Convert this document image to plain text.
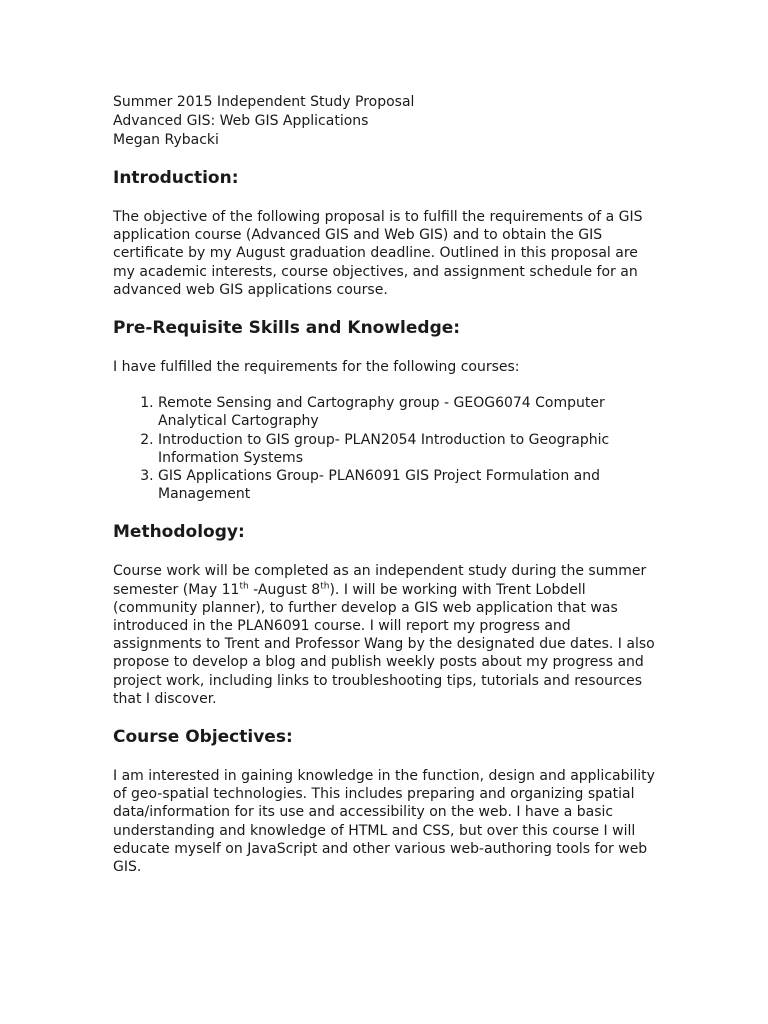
Summer 2015 Independent Study Proposal

Advanced GIS: Web GIS Applications

Megan Rybacki

Introduction:

The objective of the following proposal is to fulfill the requirements of a GIS application course (Advanced GIS and Web GIS) and to obtain the GIS certificate by my August graduation deadline. Outlined in this proposal are my academic interests, course objectives, and assignment schedule for an advanced web GIS applications course.

Pre-Requisite Skills and Knowledge:

I have fulfilled the requirements for the following courses:

1. Remote Sensing and Cartography group - GEOG6074 Computer Analytical Cartography
2. Introduction to GIS group- PLAN2054 Introduction to Geographic Information Systems
3. GIS Applications Group- PLAN6091 GIS Project Formulation and Management
Methodology:

Course work will be completed as an independent study during the summer semester (May 11th -August 8th). I will be working with Trent Lobdell (community planner), to further develop a GIS web application that was introduced in the PLAN6091 course. I will report my progress and assignments to Trent and Professor Wang by the designated due dates. I also propose to develop a blog and publish weekly posts about my progress and project work, including links to troubleshooting tips, tutorials and resources that I discover.

Course Objectives:

I am interested in gaining knowledge in the function, design and applicability of geo-spatial technologies. This includes preparing and organizing spatial data/information for its use and accessibility on the web. I have a basic understanding and knowledge of HTML and CSS, but over this course I will educate myself on JavaScript and other various web-authoring tools for web GIS.
